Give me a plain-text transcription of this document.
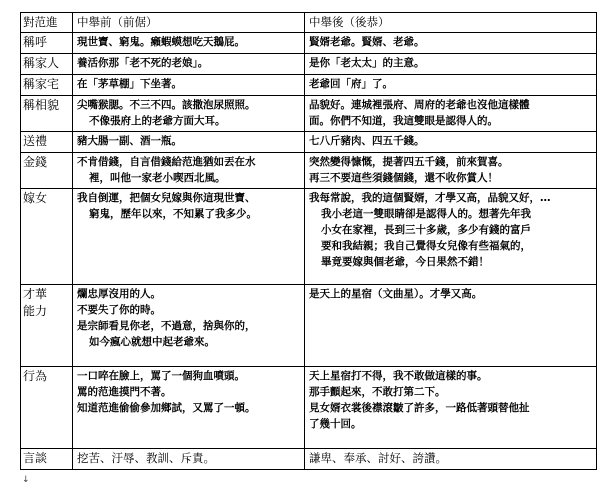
對范進	中舉前（前倨）	中舉後（後恭）
稱呼	現世寶、窮鬼。癩蝦蟆想吃天鵝屁。	賢婿老爺。賢婿、老爺。

稱家人	養活你那「老不死的老娘」。	是你「老太太」的主意。

稱家宅	在「茅草棚」下坐著。	老爺回「府」了。

稱相貌	尖嘴猴腮。不三不四。該撒泡尿照照。
不像張府上的老爺方面大耳。	品貌好。連城裡張府、周府的老爺也沒他這樣體
面。你們不知道，我這雙眼是認得人的。

送禮	豬大腸一副、酒一瓶。	七八斤豬肉、四五千錢。

金錢	不肯借錢，自言借錢給范進猶如丟在水
裡，叫他一家老小喫西北風。	突然變得慷慨，提著四五千錢，前來賀喜。
再三不要這些須錢個錢，還不收你賞人！

嫁女	我自倒運，把個女兒嫁與你這現世寶、
窮鬼，歷年以來，不知累了我多少。	我每常說，我的這個賢婿，才學又高，品貌又好，…
我小老這一雙眼睛卻是認得人的。想著先年我
小女在家裡，長到三十多歲，多少有錢的富戶
要和我結親；我自己覺得女兒像有些福氣的，
畢竟要嫁與個老爺，今日果然不錯！

才華
能力	爛忠厚沒用的人。
不要失了你的時。
是宗師看見你老，不過意，捨與你的，
如今瘋心就想中起老爺來。	是天上的星宿（文曲星）。才學又高。

行為	一口啐在臉上，罵了一個狗血噴頭。
罵的范進摸門不著。
知道范進偷偷參加鄉試，又罵了一頓。	天上星宿打不得，我不敢做這樣的事。
那手顫起來，不敢打第二下。
見女婿衣裳後襟滾皺了許多，一路低著頭替他扯
了幾十回。

言談	挖苦、汙辱、教訓、斥責。	謙卑、奉承、討好、誇讚。
↓
